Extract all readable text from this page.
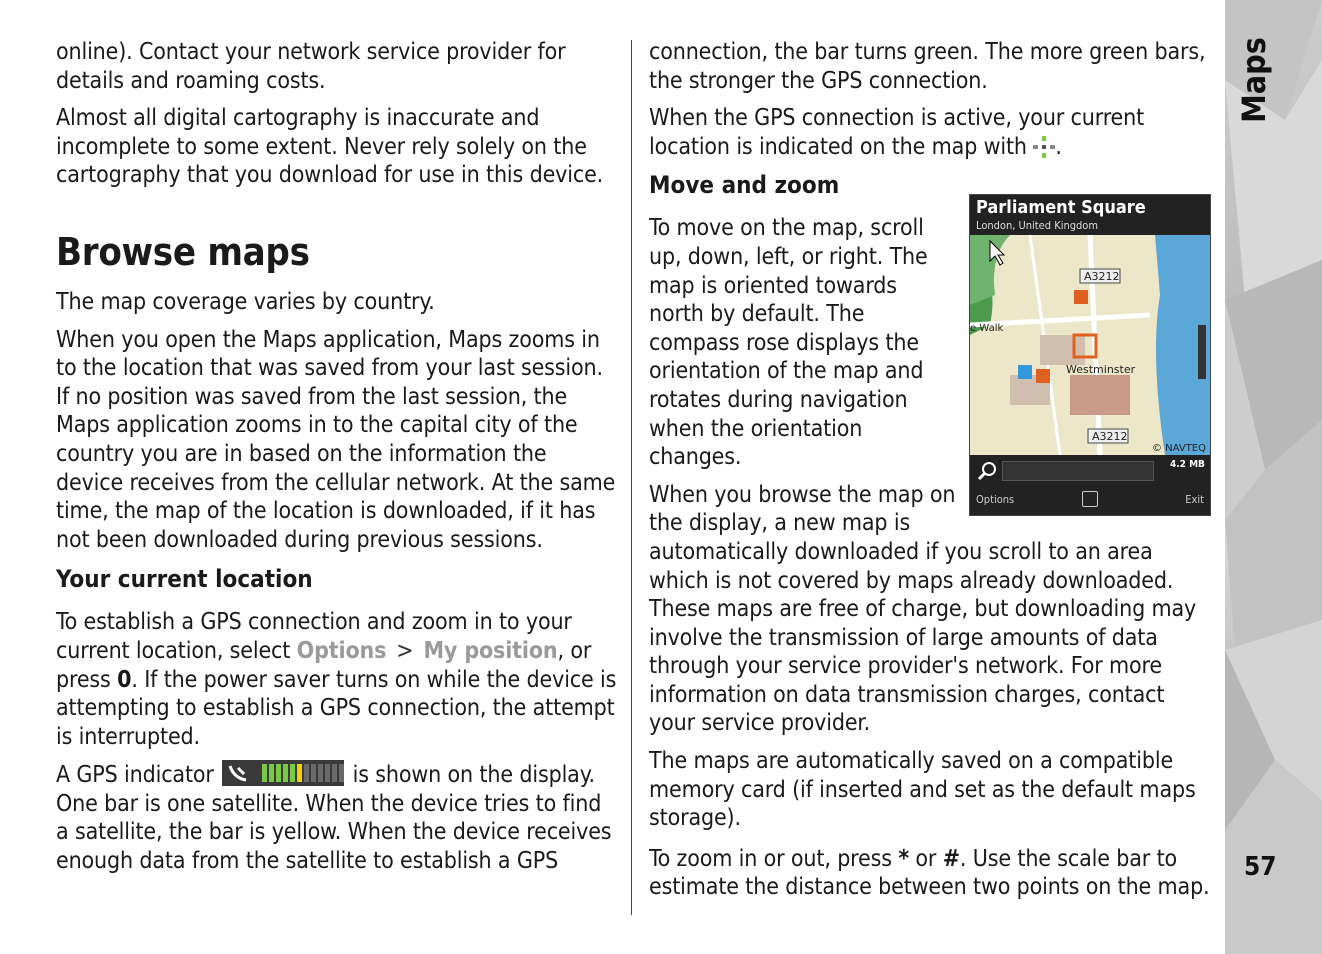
Maps
57

online). Contact your network service provider for details and roaming costs.

Almost all digital cartography is inaccurate and incomplete to some extent. Never rely solely on the cartography that you download for use in this device.

Browse maps

The map coverage varies by country.

When you open the Maps application, Maps zooms in to the location that was saved from your last session. If no position was saved from the last session, the Maps application zooms in to the capital city of the country you are in based on the information the device receives from the cellular network. At the same time, the map of the location is downloaded, if it has not been downloaded during previous sessions.

Your current location

To establish a GPS connection and zoom in to your current location, select Options > My position, or press 0. If the power saver turns on while the device is attempting to establish a GPS connection, the attempt is interrupted.

A GPS indicator	is shown on the display. One bar is one satellite. When the device tries to find a satellite, the bar is yellow. When the device receives enough data from the satellite to establish a GPS

connection, the bar turns green. The more green bars, the stronger the GPS connection.

When the GPS connection is active, your current location is indicated on the map with .

Move and zoom
Parliament Square
London, United Kingdom
A3212
A3212
Westminster
e Walk
© NAVTEQ
4.2 MB
Options	Exit

To move on the map, scroll up, down, left, or right. The map is oriented towards north by default. The compass rose displays the orientation of the map and rotates during navigation when the orientation changes.

When you browse the map on the display, a new map is automatically downloaded if you scroll to an area which is not covered by maps already downloaded. These maps are free of charge, but downloading may involve the transmission of large amounts of data through your service provider's network. For more information on data transmission charges, contact your service provider.

The maps are automatically saved on a compatible memory card (if inserted and set as the default maps storage).

To zoom in or out, press * or #. Use the scale bar to estimate the distance between two points on the map.
